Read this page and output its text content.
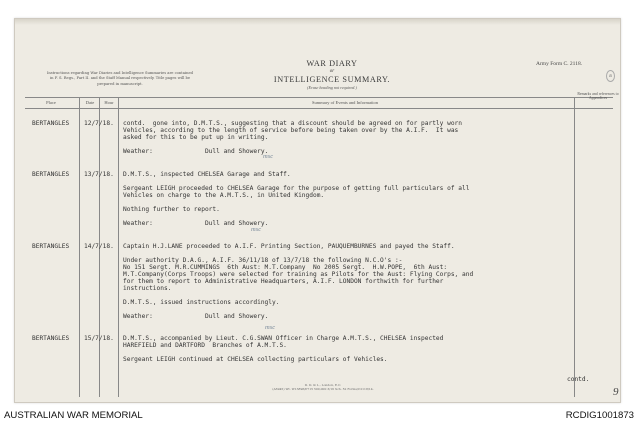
Instructions regarding War Diaries and Intelligence Summaries are contained in F. S. Regs., Part II. and the Staff Manual respectively. Title pages will be prepared in manuscript.
WAR DIARY
or
INTELLIGENCE SUMMARY.
(Erase heading not required.)
Army Form C. 2118.
a
Place	Date	Hour	Summary of Events and Information
Remarks and references to Appendices
BERTANGLES 12/7/18. contd.  gone into, D.M.T.S., suggesting that a discount should be agreed on for partly worn
Vehicles, according to the length of service before being taken over by the A.I.F.  It was
asked for this to be put up in writing.
Weather:              Dull and Showery.
msc
BERTANGLES 13/7/18. D.M.T.S., inspected CHELSEA Garage and Staff.
Sergeant LEIGH proceeded to CHELSEA Garage for the purpose of getting full particulars of all
Vehicles on charge to the A.M.T.S., in United Kingdom.
Nothing further to report.
Weather:              Dull and Showery.
msc
BERTANGLES 14/7/18. Captain H.J.LANE proceeded to A.I.F. Printing Section, PAUQUEMBURNES and payed the Staff.
Under authority D.A.G., A.I.F. 36/11/18 of 13/7/18 the following N.C.O's :-
No 151 Sergt. M.R.CUMMINGS  6th Aust: M.T.Company  No 2005 Sergt.  H.W.POPE,  6th Aust:
M.T.Company(Corps Troops) were selected for training as Pilots for the Aust: Flying Corps, and
for them to report to Administrative Headquarters, A.I.F. LONDON forthwith for further
instructions.
D.M.T.S., issued instructions accordingly.
Weather:              Dull and Showery.
msc
BERTANGLES 15/7/18. D.M.T.S., accompanied by Lieut. C.G.SWAN Officer in Charge A.M.T.S., CHELSEA inspected
HAREFIELD and DARTFORD  Branches of A.M.T.S.
Sergeant LEIGH continued at CHELSEA collecting particulars of Vehicles.
contd.
D. D. & L., London, E.C.
(A6945) Wt. W13896/P715 500,000 3/16 Sch. 52 Forms/C2118/14.	9
AUSTRALIAN WAR MEMORIAL	RCDIG1001873
